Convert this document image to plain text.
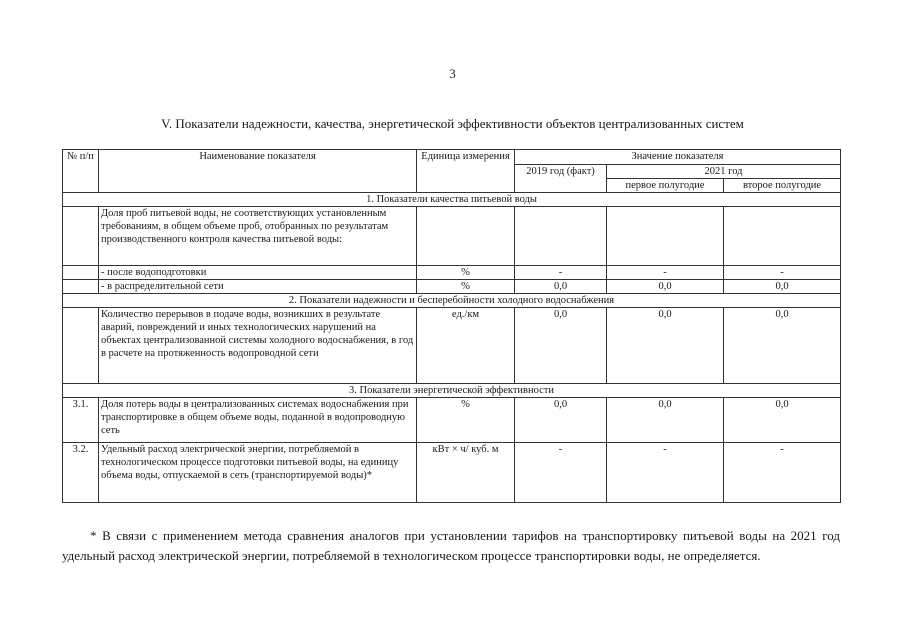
3
V. Показатели надежности, качества, энергетической эффективности объектов централизованных систем
№ п/п	Наименование показателя	Единица измерения	Значение показателя		
			2019 год (факт)	2021 год	
				первое полугодие	второе полугодие
1. Показатели качества питьевой воды					
	Доля проб питьевой воды, не соответствующих установленным требованиям, в общем объеме проб, отобранных по результатам производственного контроля качества питьевой воды:				
	- после водоподготовки	%	-	-	-
	- в распределительной сети	%	0,0	0,0	0,0
2. Показатели надежности и бесперебойности холодного водоснабжения					
	Количество перерывов в подаче воды, возникших в результате аварий, повреждений и иных технологических нарушений на объектах централизованной системы холодного водоснабжения, в год в расчете на протяженность водопроводной сети	ед./км	0,0	0,0	0,0
3. Показатели энергетической эффективности					
3.1.	Доля потерь воды в централизованных системах водоснабжения при транспортировке в общем объеме воды, поданной в водопроводную сеть	%	0,0	0,0	0,0
3.2.	Удельный расход электрической энергии, потребляемой в технологическом процессе подготовки питьевой воды, на единицу объема воды, отпускаемой в сеть (транспортируемой воды)*	кВт × ч/ куб. м	-	-	-
* В связи с применением метода сравнения аналогов при установлении тарифов на транспортировку питьевой воды на 2021 год удельный расход электрической энергии, потребляемой в технологическом процессе транспортировки воды, не определяется.
